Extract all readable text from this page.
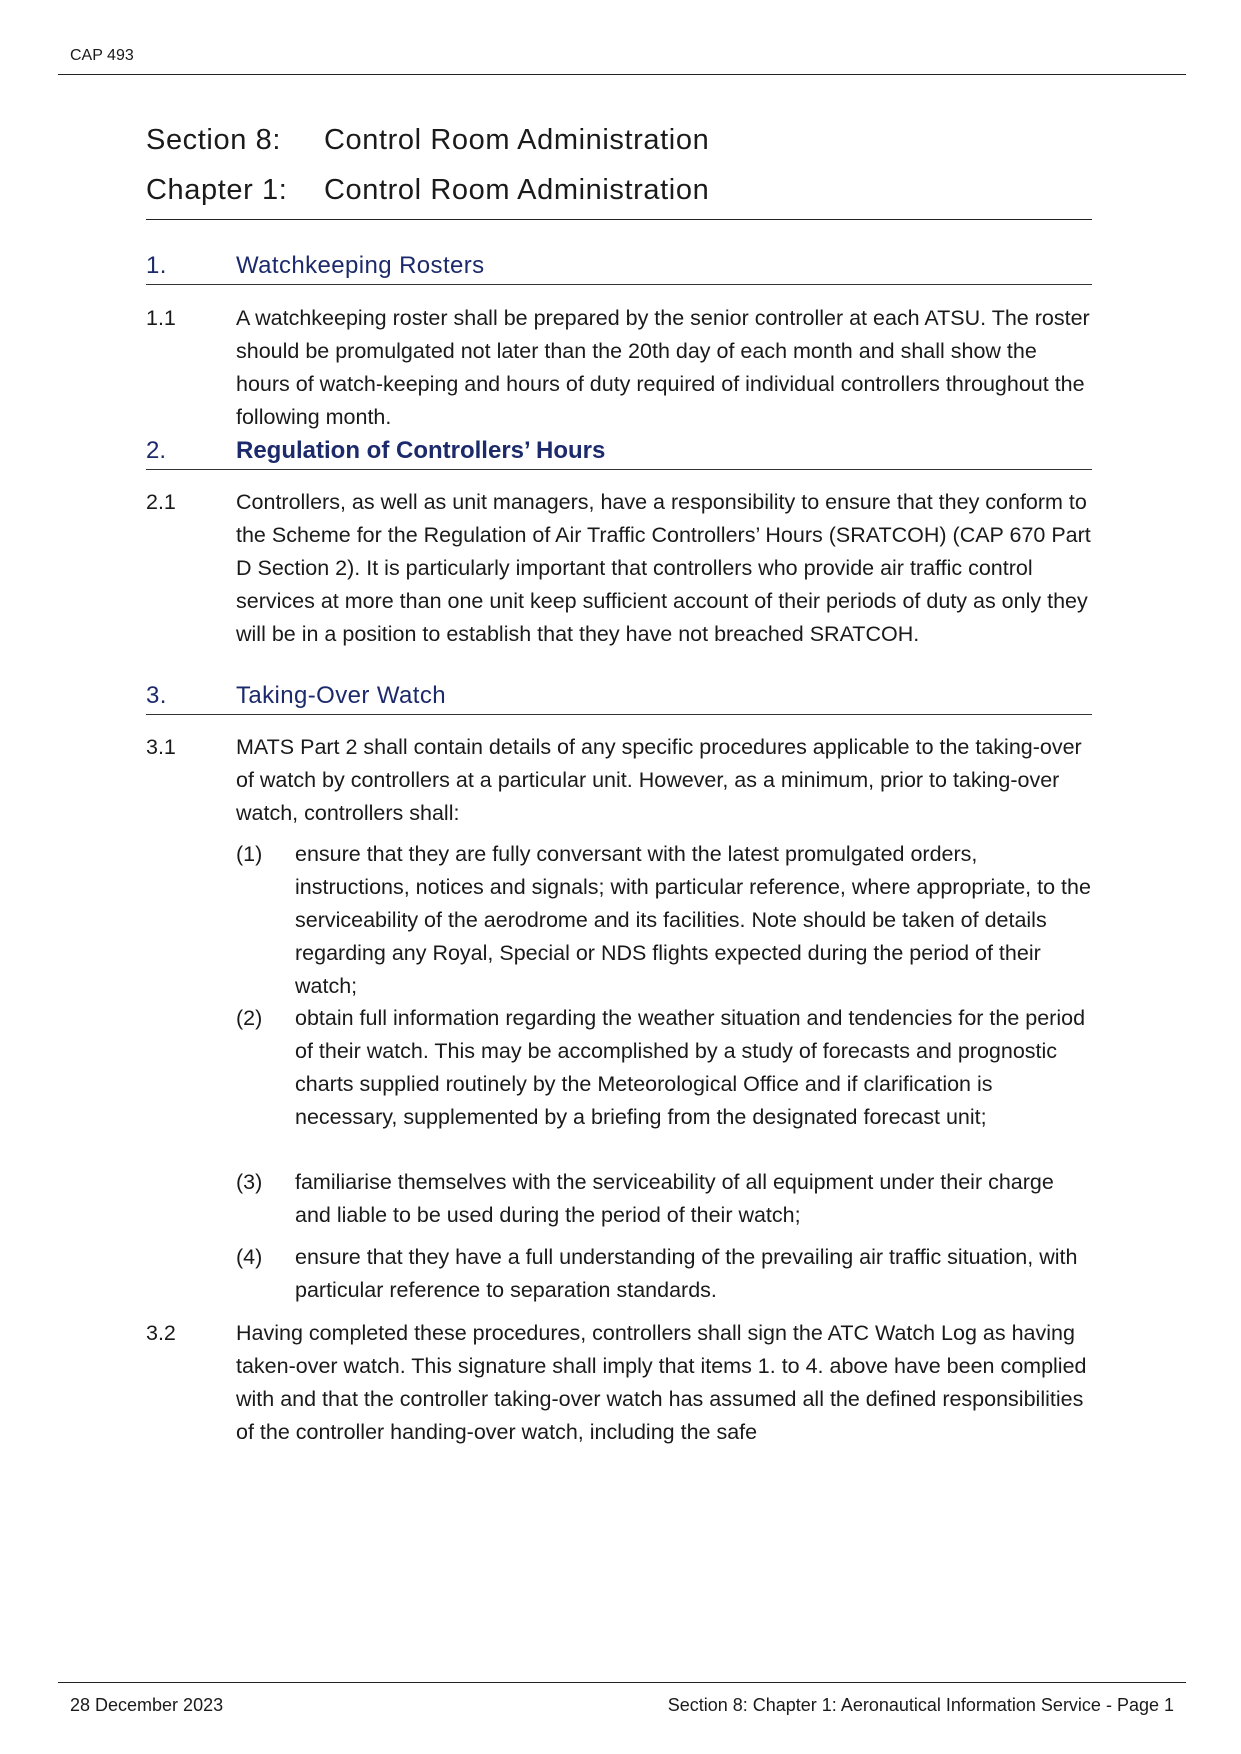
CAP 493
Section 8:	Control Room Administration
Chapter 1:	Control Room Administration
1.	Watchkeeping Rosters
1.1	A watchkeeping roster shall be prepared by the senior controller at each ATSU. The roster should be promulgated not later than the 20th day of each month and shall show the hours of watch-keeping and hours of duty required of individual controllers throughout the following month.
2.	Regulation of Controllers’ Hours
2.1	Controllers, as well as unit managers, have a responsibility to ensure that they conform to the Scheme for the Regulation of Air Traffic Controllers’ Hours (SRATCOH) (CAP 670 Part D Section 2). It is particularly important that controllers who provide air traffic control services at more than one unit keep sufficient account of their periods of duty as only they will be in a position to establish that they have not breached SRATCOH.
3.	Taking-Over Watch
3.1	MATS Part 2 shall contain details of any specific procedures applicable to the taking-over of watch by controllers at a particular unit. However, as a minimum, prior to taking-over watch, controllers shall:
(1)	ensure that they are fully conversant with the latest promulgated orders, instructions, notices and signals; with particular reference, where appropriate, to the serviceability of the aerodrome and its facilities. Note should be taken of details regarding any Royal, Special or NDS flights expected during the period of their watch;
(2)	obtain full information regarding the weather situation and tendencies for the period of their watch. This may be accomplished by a study of forecasts and prognostic charts supplied routinely by the Meteorological Office and if clarification is necessary, supplemented by a briefing from the designated forecast unit;
(3)	familiarise themselves with the serviceability of all equipment under their charge and liable to be used during the period of their watch;
(4)	ensure that they have a full understanding of the prevailing air traffic situation, with particular reference to separation standards.
3.2	Having completed these procedures, controllers shall sign the ATC Watch Log as having taken-over watch. This signature shall imply that items 1. to 4. above have been complied with and that the controller taking-over watch has assumed all the defined responsibilities of the controller handing-over watch, including the safe
28 December 2023	Section 8: Chapter 1: Aeronautical Information Service - Page 1
